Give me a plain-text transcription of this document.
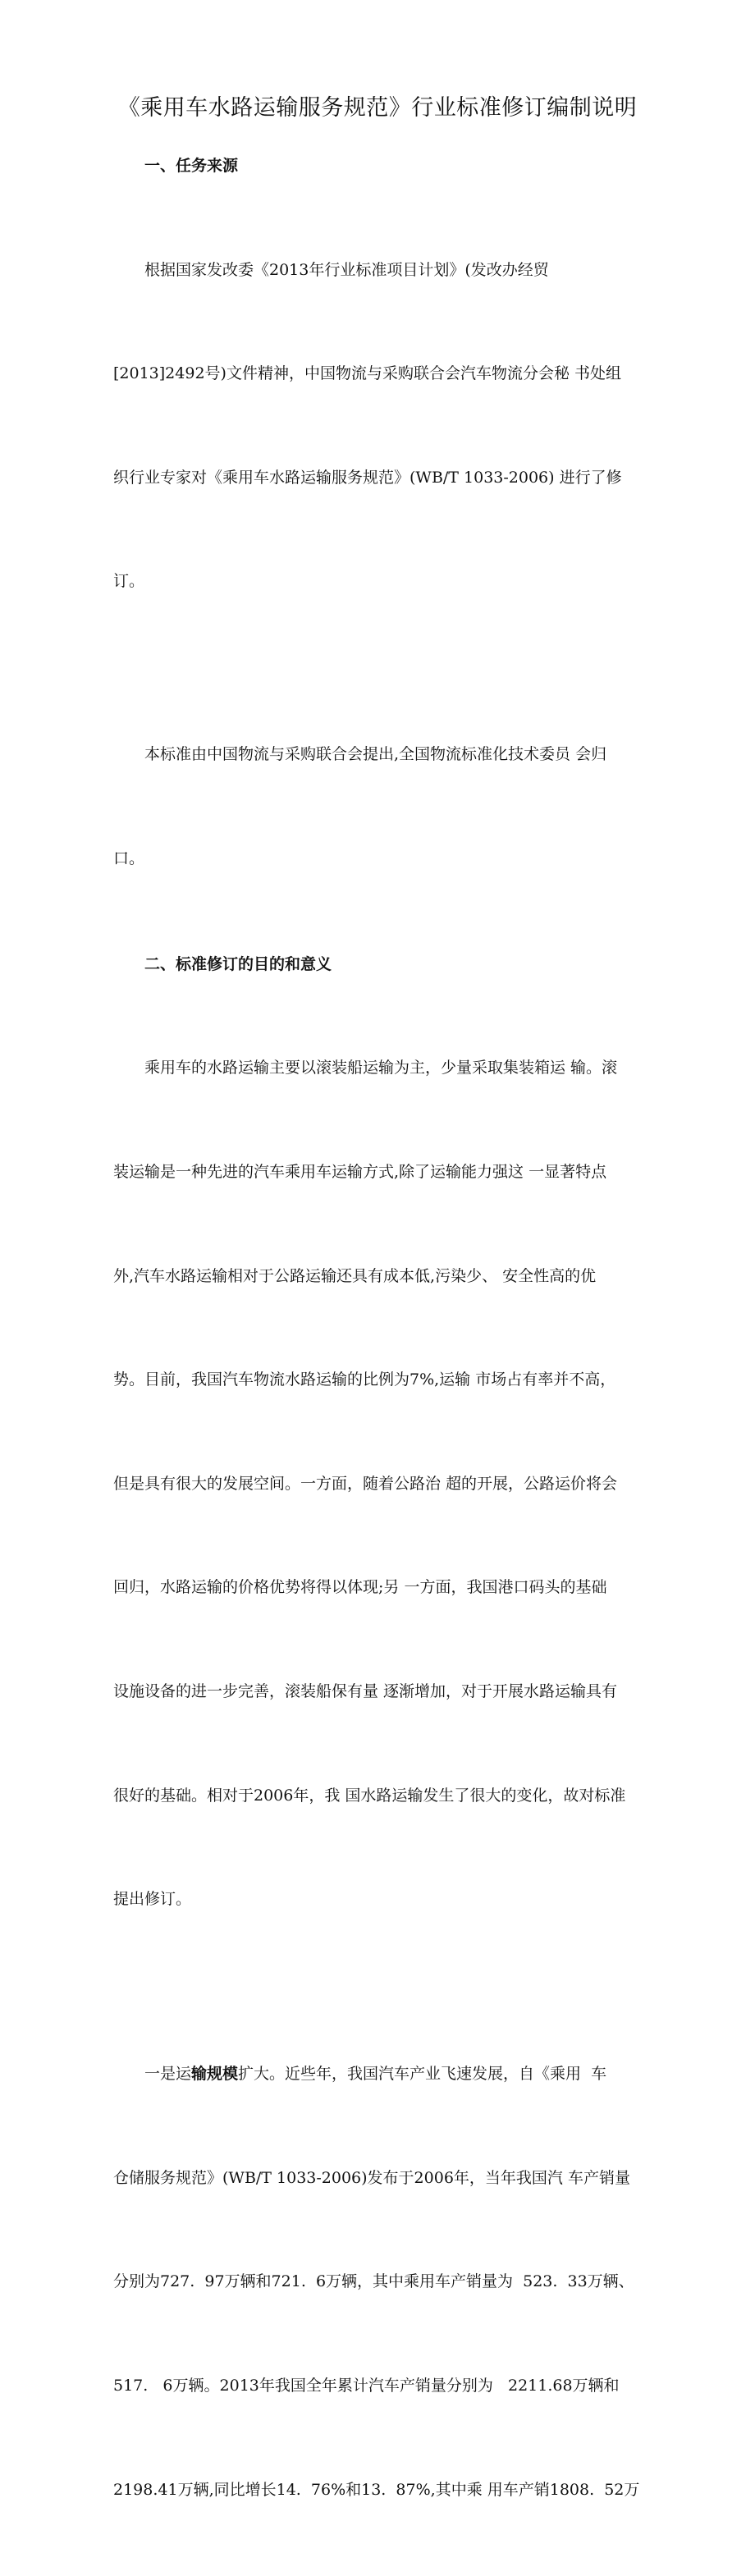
《乘用车水路运输服务规范》行业标准修订编制说明

一、任务来源

根据国家发改委《2013年行业标准项目计划》(发改办经贸

[2013]2492号)文件精神，中国物流与采购联合会汽车物流分会秘 书处组

织行业专家对《乘用车水路运输服务规范》(WB/T 1033-2006) 进行了修

订。

本标准由中国物流与采购联合会提出,全国物流标准化技术委员 会归

口。

二、标准修订的目的和意义

乘用车的水路运输主要以滚装船运输为主，少量采取集装箱运 输。滚

装运输是一种先进的汽车乘用车运输方式,除了运输能力强这 一显著特点

外,汽车水路运输相对于公路运输还具有成本低,污染少、 安全性高的优

势。目前，我国汽车物流水路运输的比例为7%,运输 市场占有率并不高，

但是具有很大的发展空间。一方面，随着公路治 超的开展，公路运价将会

回归，水路运输的价格优势将得以体现;另 一方面，我国港口码头的基础

设施设备的进一步完善，滚装船保有量 逐渐增加，对于开展水路运输具有

很好的基础。相对于2006年，我 国水路运输发生了很大的变化，故对标准

提出修订。

一是运输规模扩大。近些年，我国汽车产业飞速发展，自《乘用  车

仓储服务规范》(WB/T 1033-2006)发布于2006年，当年我国汽 车产销量

分别为727.  97万辆和721.  6万辆，其中乘用车产销量为  523.  33万辆、

517.   6万辆。2013年我国全年累计汽车产销量分别为   2211.68万辆和

2198.41万辆,同比增长14.  76%和13.  87%,其中乘 用车产销1808.  52万
